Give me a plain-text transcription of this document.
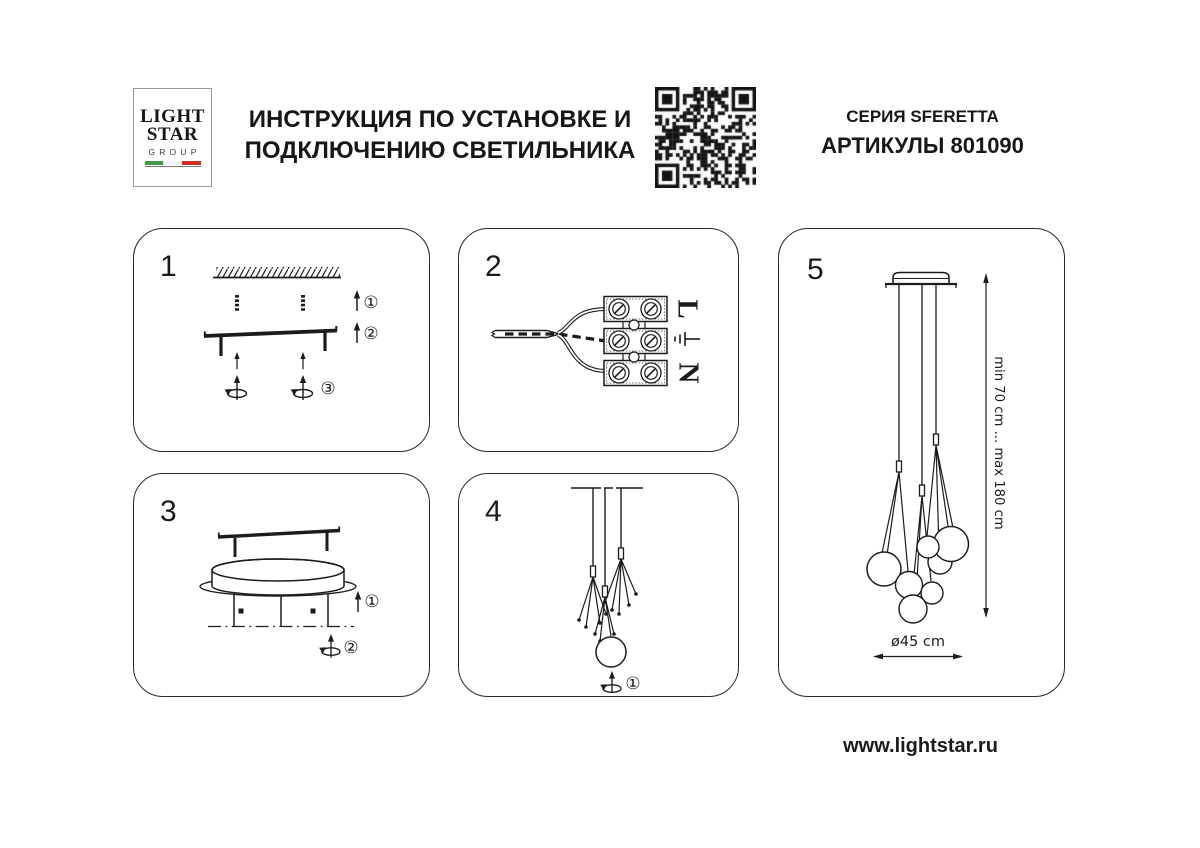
LIGHT
STAR
GROUP
ИНСТРУКЦИЯ ПО УСТАНОВКЕ И
ПОДКЛЮЧЕНИЮ СВЕТИЛЬНИКА
СЕРИЯ SFERETTA
АРТИКУЛЫ 801090
1
①
②
③
2
L
N
3
①
②
4
①
5
min 70 cm ... max 180 cm
ø45 cm
www.lightstar.ru
